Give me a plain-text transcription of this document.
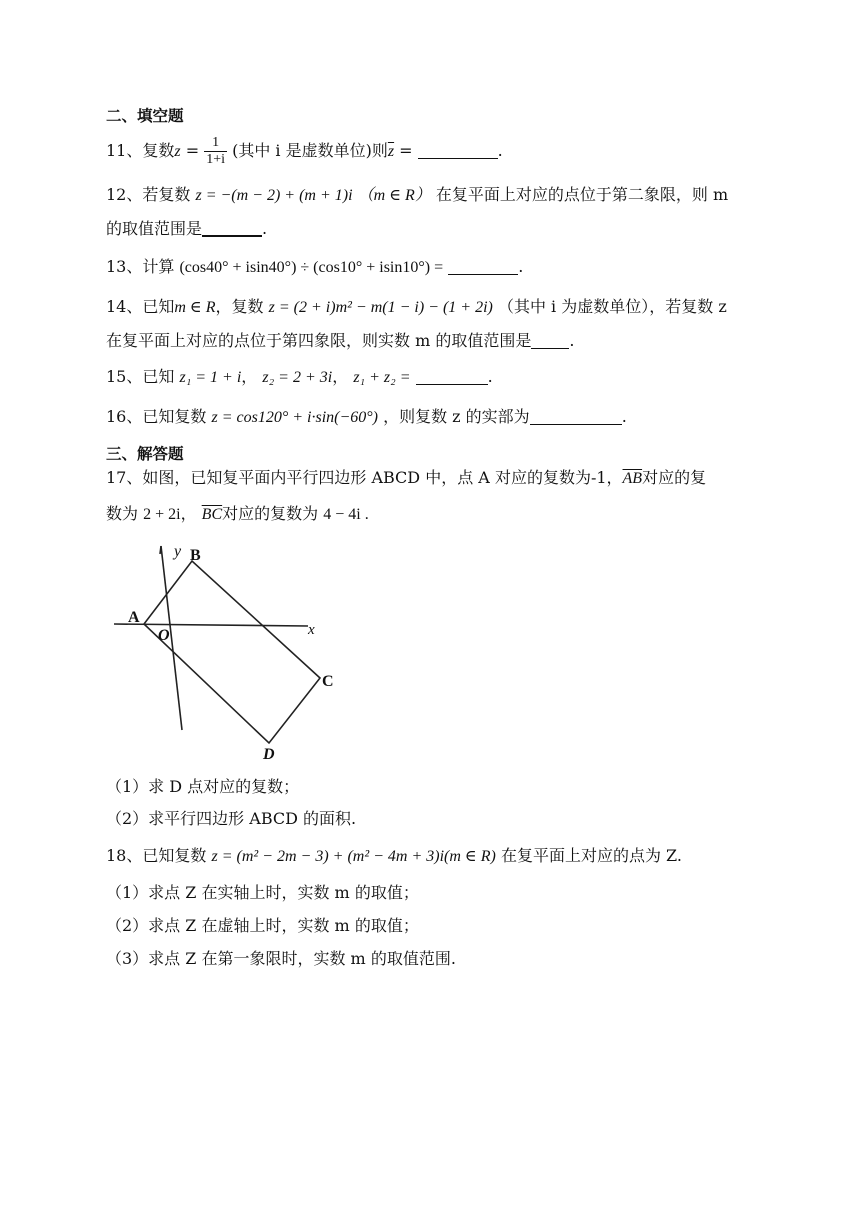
二、填空题
11、复数$z = \frac{1}{1+i}$ (其中 i 是虚数单位)则$\overline{z}$ =	.
12、若复数 z = −(m − 2) + (m + 1)i （m ∈ R） 在复平面上对应的点位于第二象限，则 m
的取值范围是	.
13、计算 (cos40° + isin40°) ÷ (cos10° + isin10°) =	.
14、已知m ∈ R，复数 z = (2 + i)m² − m(1 − i) − (1 + 2i) （其中 i 为虚数单位），若复数 z
在复平面上对应的点位于第四象限，则实数 m 的取值范围是 .
15、已知 z₁ = 1 + i， z₂ = 2 + 3i， z₁ + z₂ =	.
16、已知复数 z = cos120° + i·sin(−60°) ，则复数 z 的实部为	.
三、解答题
17、如图，已知复平面内平行四边形 ABCD 中，点 A 对应的复数为-1，$\overline{AB}$对应的复
数为 2 + 2i， $\overline{BC}$对应的复数为 4 − 4i .
y
x
B
A
O
C
D
（1）求 D 点对应的复数；
（2）求平行四边形 ABCD 的面积.
18、已知复数 z = (m² − 2m − 3) + (m² − 4m + 3)i(m ∈ R) 在复平面上对应的点为 Z.
（1）求点 Z 在实轴上时，实数 m 的取值；
（2）求点 Z 在虚轴上时，实数 m 的取值；
（3）求点 Z 在第一象限时，实数 m 的取值范围.
